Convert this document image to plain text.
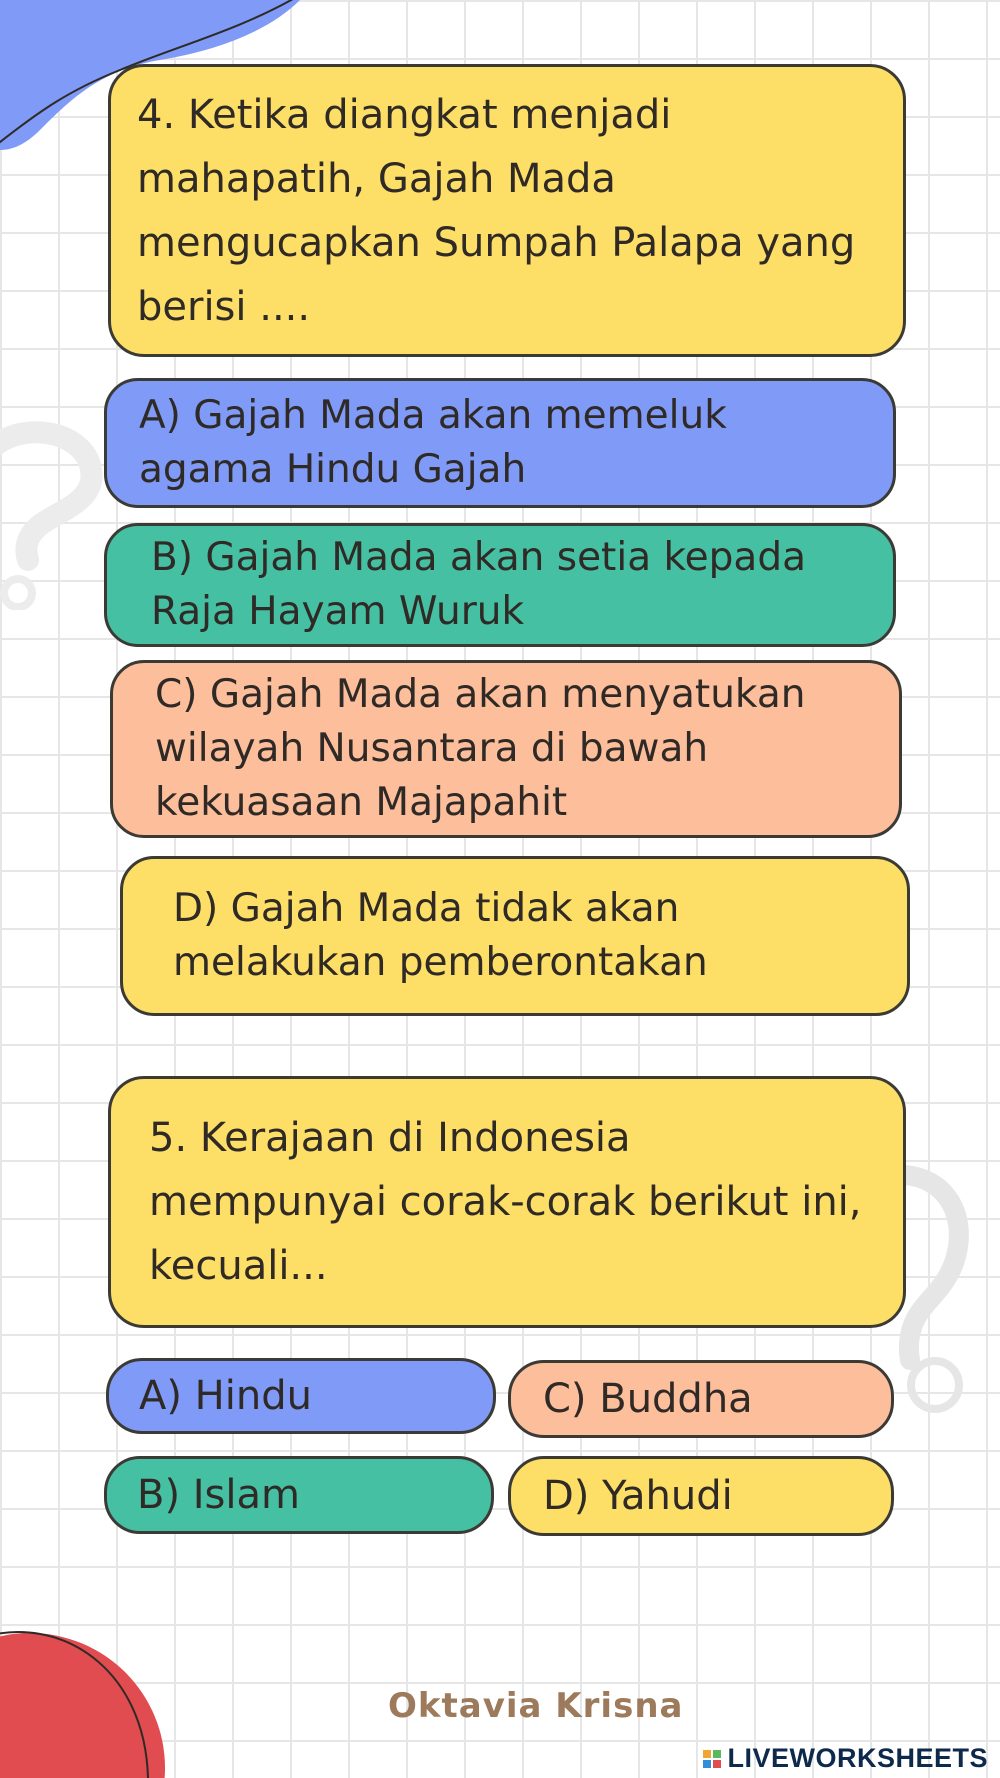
4. Ketika diangkat menjadi mahapatih, Gajah Mada mengucapkan Sumpah Palapa yang berisi ....
A) Gajah Mada akan memeluk agama Hindu Gajah
B) Gajah Mada akan setia kepada Raja Hayam Wuruk
C) Gajah Mada akan menyatukan wilayah Nusantara di bawah kekuasaan Majapahit
D) Gajah Mada tidak akan melakukan pemberontakan
5. Kerajaan di Indonesia mempunyai corak-corak berikut ini, kecuali...
A) Hindu	C) Buddha
B) Islam	D) Yahudi
Oktavia Krisna
LIVEWORKSHEETS
